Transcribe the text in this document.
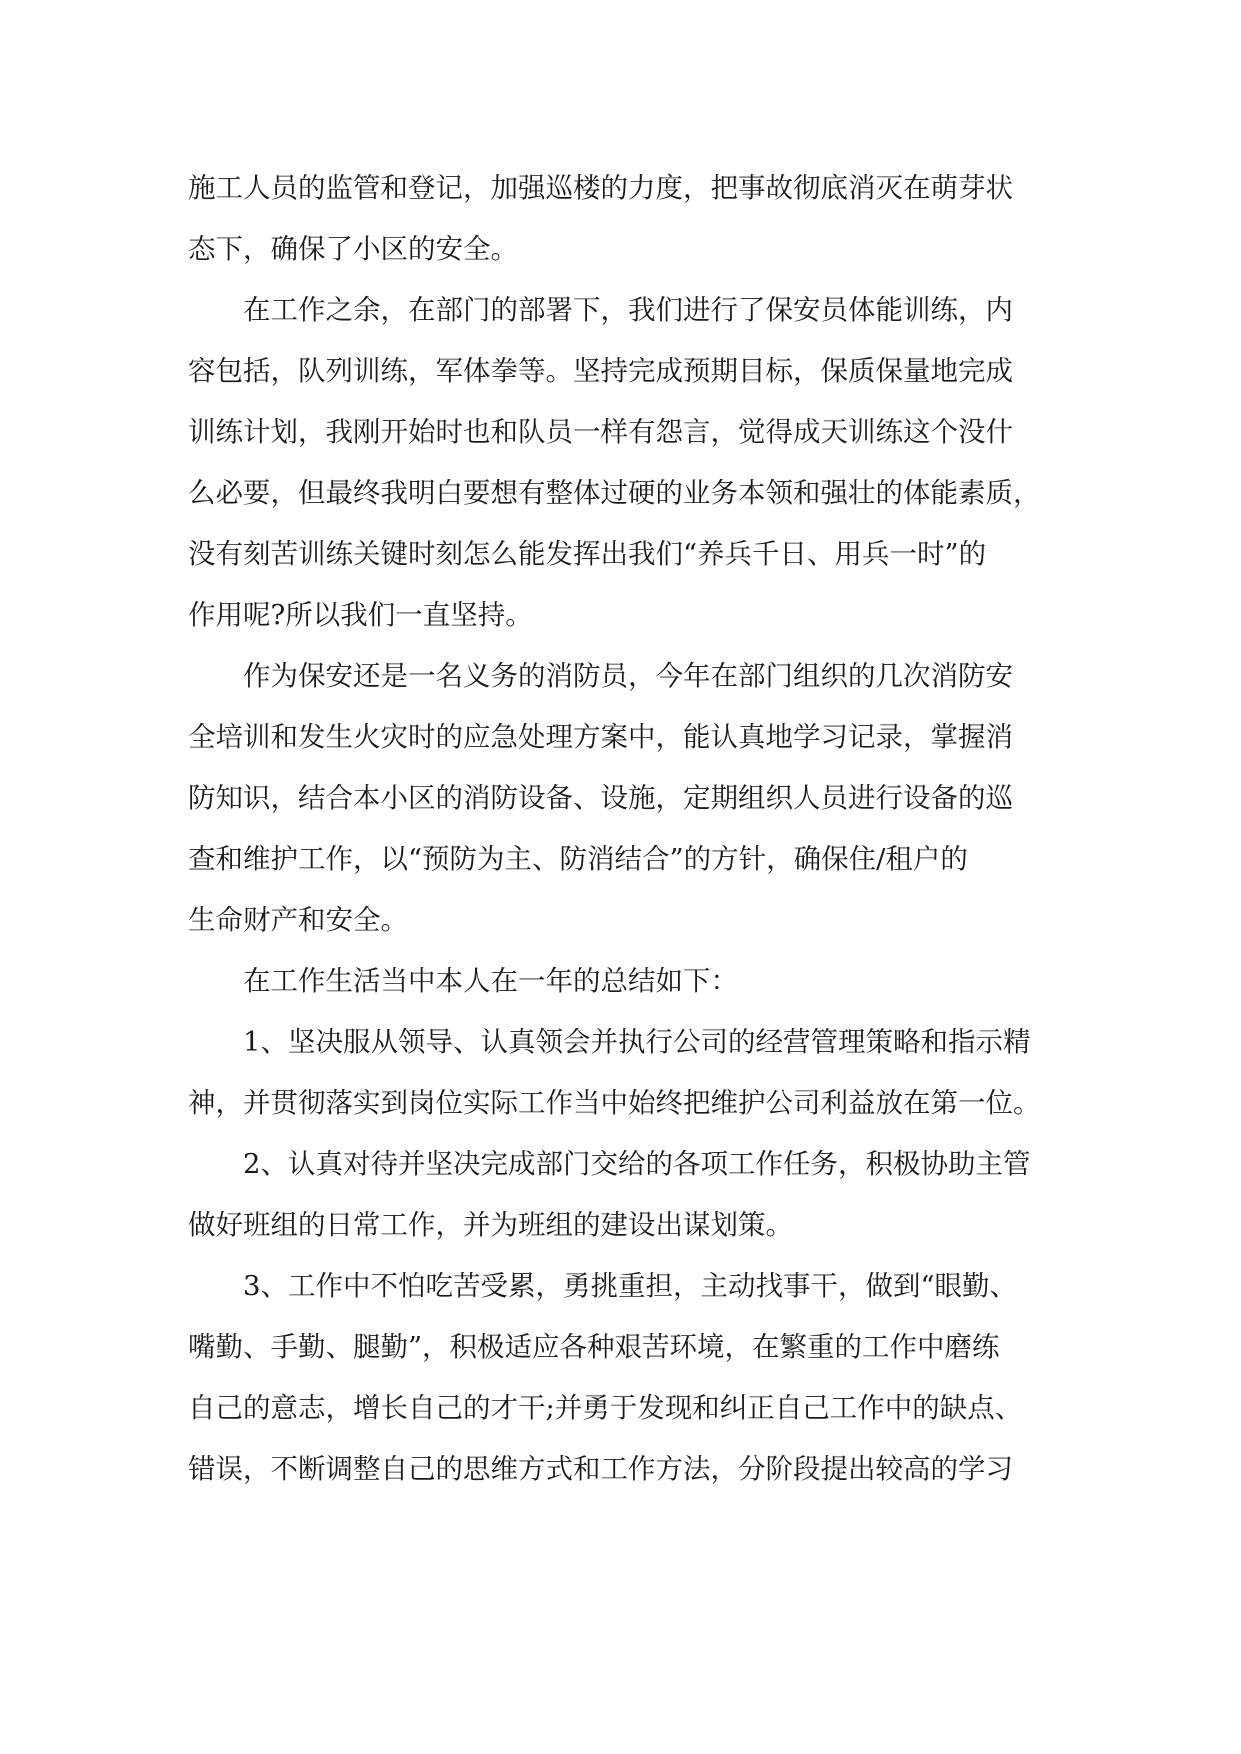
施工人员的监管和登记，加强巡楼的力度，把事故彻底消灭在萌芽状
态下，确保了小区的安全。

在工作之余，在部门的部署下，我们进行了保安员体能训练，内
容包括，队列训练，军体拳等。坚持完成预期目标，保质保量地完成
训练计划，我刚开始时也和队员一样有怨言，觉得成天训练这个没什
么必要，但最终我明白要想有整体过硬的业务本领和强壮的体能素质，
没有刻苦训练关键时刻怎么能发挥出我们“养兵千日、用兵一时”的
作用呢?所以我们一直坚持。

作为保安还是一名义务的消防员，今年在部门组织的几次消防安
全培训和发生火灾时的应急处理方案中，能认真地学习记录，掌握消
防知识，结合本小区的消防设备、设施，定期组织人员进行设备的巡
查和维护工作，以“预防为主、防消结合”的方针，确保住/租户的
生命财产和安全。

在工作生活当中本人在一年的总结如下：

1、坚决服从领导、认真领会并执行公司的经营管理策略和指示精
神，并贯彻落实到岗位实际工作当中始终把维护公司利益放在第一位。

2、认真对待并坚决完成部门交给的各项工作任务，积极协助主管
做好班组的日常工作，并为班组的建设出谋划策。

3、工作中不怕吃苦受累，勇挑重担，主动找事干，做到“眼勤、
嘴勤、手勤、腿勤”，积极适应各种艰苦环境，在繁重的工作中磨练
自己的意志，增长自己的才干;并勇于发现和纠正自己工作中的缺点、
错误，不断调整自己的思维方式和工作方法，分阶段提出较高的学习
